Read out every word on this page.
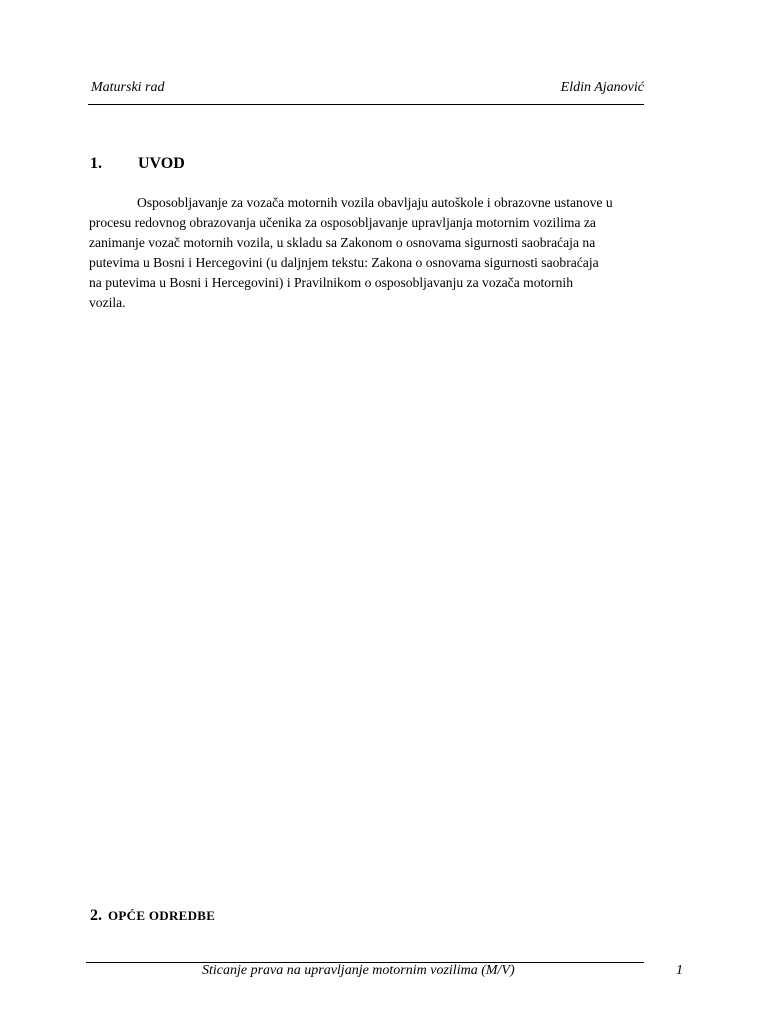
Maturski rad	Eldin Ajanović
1. UVOD

Osposobljavanje za vozača motornih vozila obavljaju autoškole i obrazovne ustanove u
procesu redovnog obrazovanja učenika za osposobljavanje upravljanja motornim vozilima za
zanimanje vozač motornih vozila, u skladu sa Zakonom o osnovama sigurnosti saobraćaja na
putevima u Bosni i Hercegovini (u daljnjem tekstu: Zakona o osnovama sigurnosti saobraćaja
na putevima u Bosni i Hercegovini) i Pravilnikom o osposobljavanju za vozača motornih
vozila.

2. OPĆE ODREDBE
Sticanje prava na upravljanje motornim vozilima (M/V)	1
